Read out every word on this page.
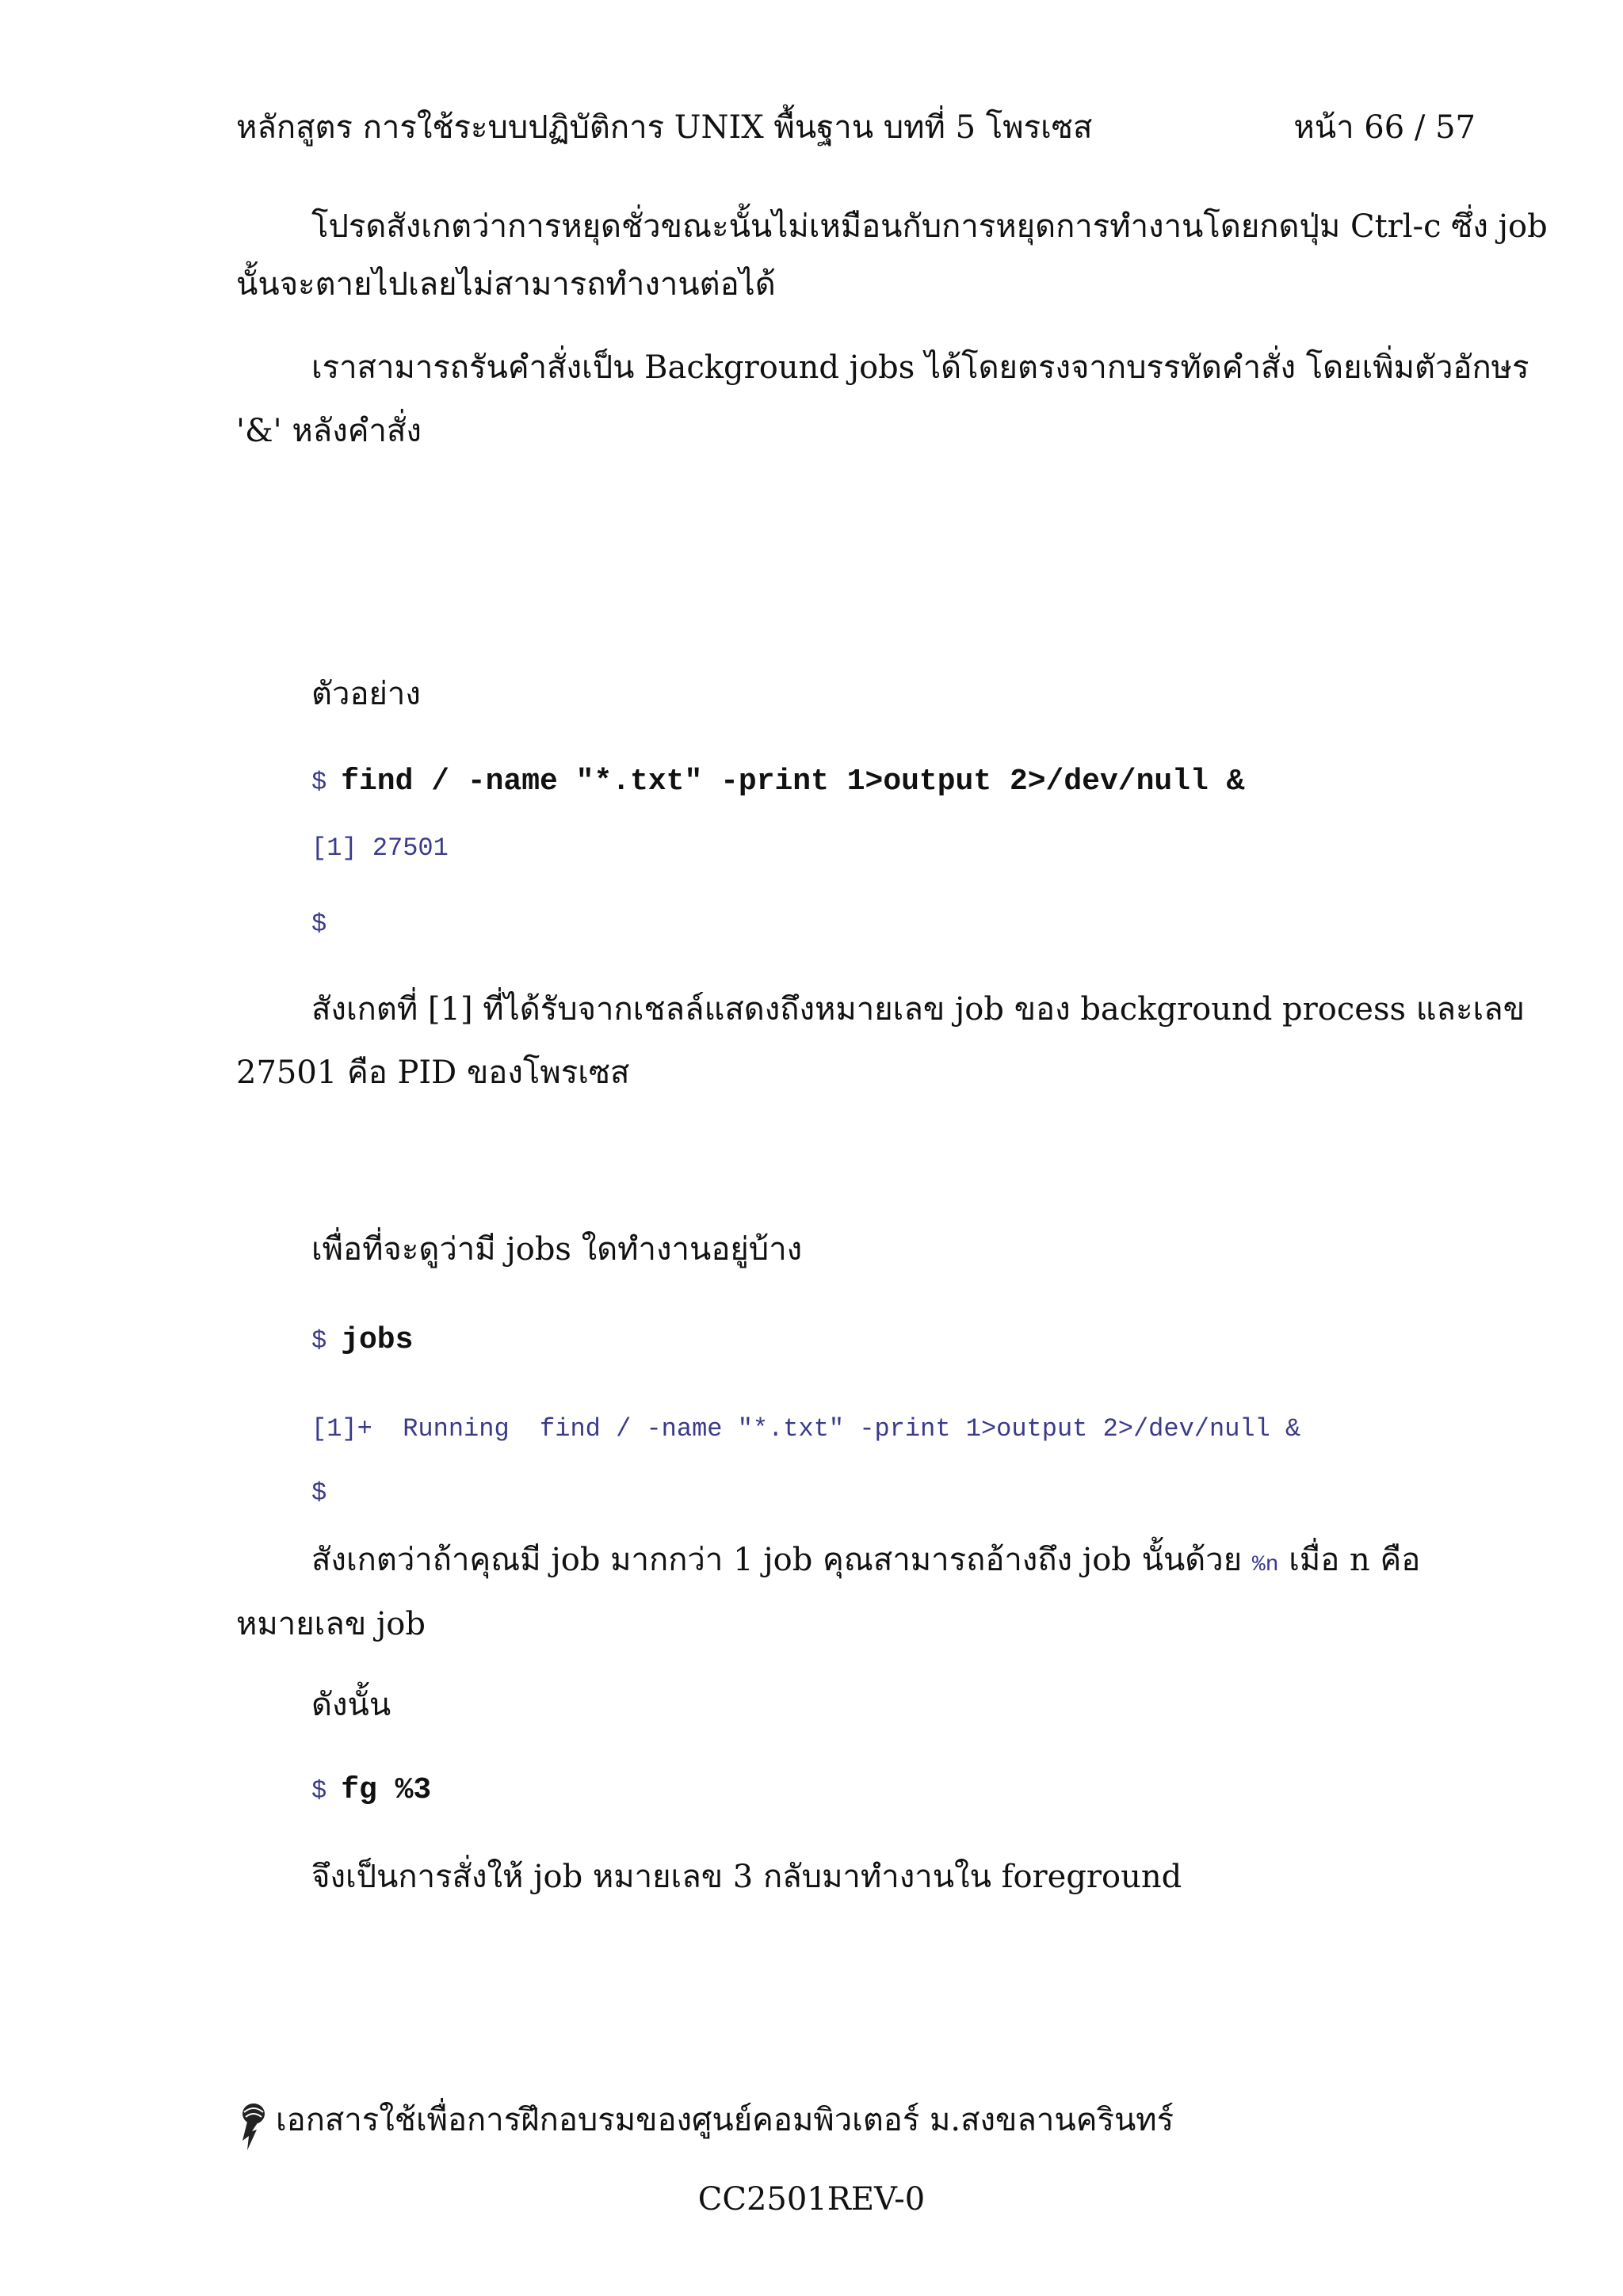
หลักสูตร การใช้ระบบปฏิบัติการ UNIX พื้นฐาน บทที่ 5 โพรเซส	หน้า 66 / 57
โปรดสังเกตว่าการหยุดชั่วขณะนั้นไม่เหมือนกับการหยุดการทำงานโดยกดปุ่ม Ctrl-c ซึ่ง job
นั้นจะตายไปเลยไม่สามารถทำงานต่อได้
เราสามารถรันคำสั่งเป็น Background jobs ได้โดยตรงจากบรรทัดคำสั่ง โดยเพิ่มตัวอักษร
'&' หลังคำสั่ง
ตัวอย่าง
$ find / -name "*.txt" -print 1>output 2>/dev/null &
[1] 27501
$
สังเกตที่ [1] ที่ได้รับจากเชลล์แสดงถึงหมายเลข job ของ background process และเลข
27501 คือ PID ของโพรเซส
เพื่อที่จะดูว่ามี jobs ใดทำงานอยู่บ้าง
$ jobs
[1]+  Running  find / -name "*.txt" -print 1>output 2>/dev/null &
$
สังเกตว่าถ้าคุณมี job มากกว่า 1 job คุณสามารถอ้างถึง job นั้นด้วย %n เมื่อ n คือ
หมายเลข job
ดังนั้น
$ fg %3
จึงเป็นการสั่งให้ job หมายเลข 3 กลับมาทำงานใน foreground
เอกสารใช้เพื่อการฝึกอบรมของศูนย์คอมพิวเตอร์ ม.สงขลานครินทร์
CC2501REV-0
